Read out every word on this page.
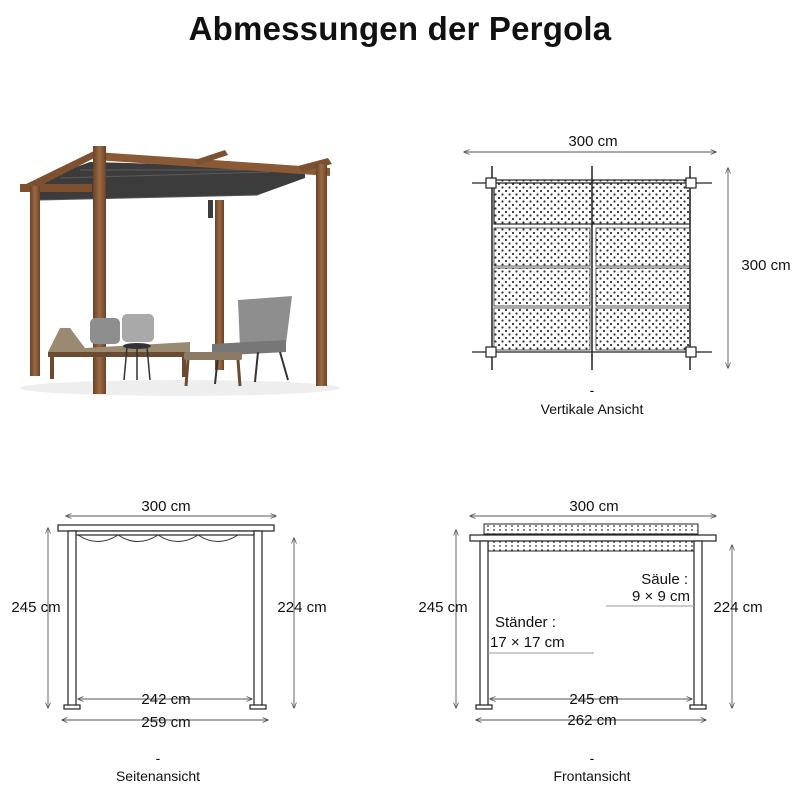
Abmessungen der Pergola
300 cm
300 cm
-
Vertikale Ansicht
300 cm
245 cm	224 cm
242 cm
259 cm
-
Seitenansicht
300 cm
245 cm	224 cm
Säule :
9 × 9 cm
Ständer :
17 × 17 cm
245 cm
262 cm
-
Frontansicht
